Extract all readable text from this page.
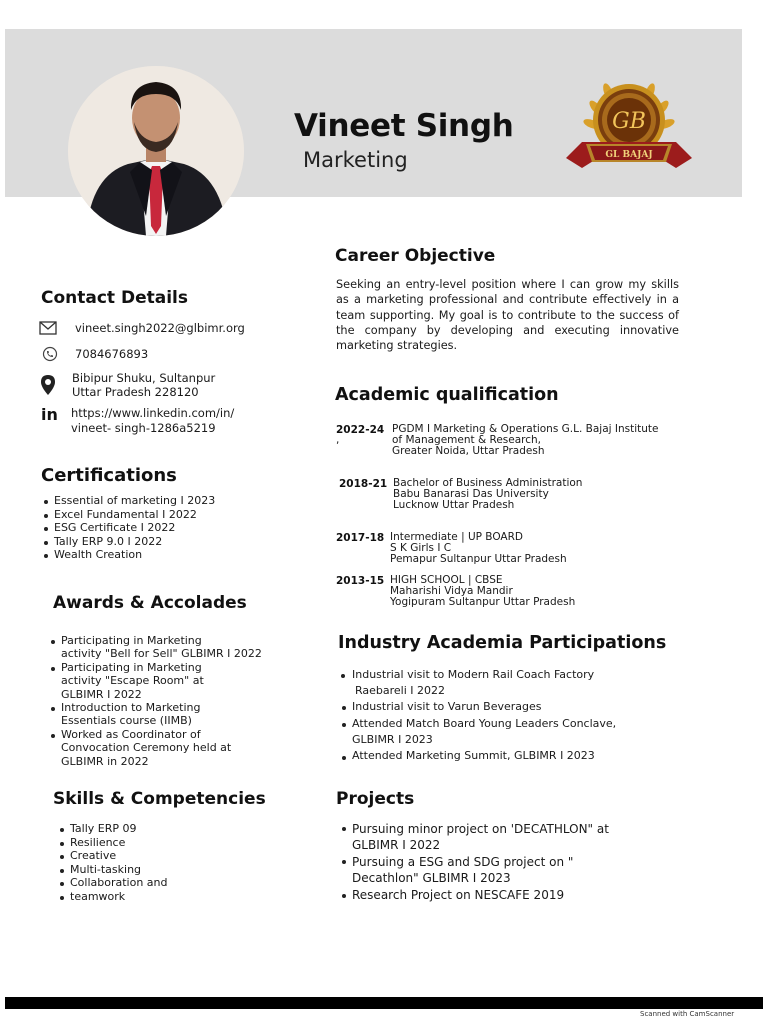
Vineet Singh
Marketing
GB
GL BAJAJ
Contact Details
vineet.singh2022@glbimr.org
7084676893
Bibipur Shuku, Sultanpur
Uttar Pradesh 228120
in https://www.linkedin.com/in/
vineet- singh-1286a5219
Certifications
Essential of marketing I 2023
Excel Fundamental I 2022
ESG Certificate I 2022
Tally ERP 9.0 I 2022
Wealth Creation
Awards & Accolades
Participating in Marketing
activity "Bell for Sell" GLBIMR I 2022
Participating in Marketing
activity "Escape Room" at
GLBIMR I 2022
Introduction to Marketing
Essentials course (IIMB)
Worked as Coordinator of
Convocation Ceremony held at
GLBIMR in 2022
Skills & Competencies
Tally ERP 09
Resilience
Creative
Multi-tasking
Collaboration and
teamwork
Career Objective
Seeking an entry-level position where I can grow my skills as a marketing professional and contribute effectively in a team supporting. My goal is to contribute to the success of the company by developing and executing innovative marketing strategies.
Academic qualification
2022-24
,
PGDM I Marketing & Operations G.L. Bajaj Institute
of Management & Research,
Greater Noida, Uttar Pradesh
2018-21 Bachelor of Business Administration
Babu Banarasi Das University
Lucknow Uttar Pradesh
2017-18 Intermediate | UP BOARD
S K Girls I C
Pemapur Sultanpur Uttar Pradesh
2013-15 HIGH SCHOOL | CBSE
Maharishi Vidya Mandir
Yogipuram Sultanpur Uttar Pradesh
Industry Academia Participations
Industrial visit to Modern Rail Coach Factory
Raebareli I 2022
Industrial visit to Varun Beverages
Attended Match Board Young Leaders Conclave,
GLBIMR I 2023
Attended Marketing Summit, GLBIMR I 2023
Projects
Pursuing minor project on 'DECATHLON" at
GLBIMR I 2022
Pursuing a ESG and SDG project on "
Decathlon" GLBIMR I 2023
Research Project on NESCAFE 2019
Scanned with CamScanner
